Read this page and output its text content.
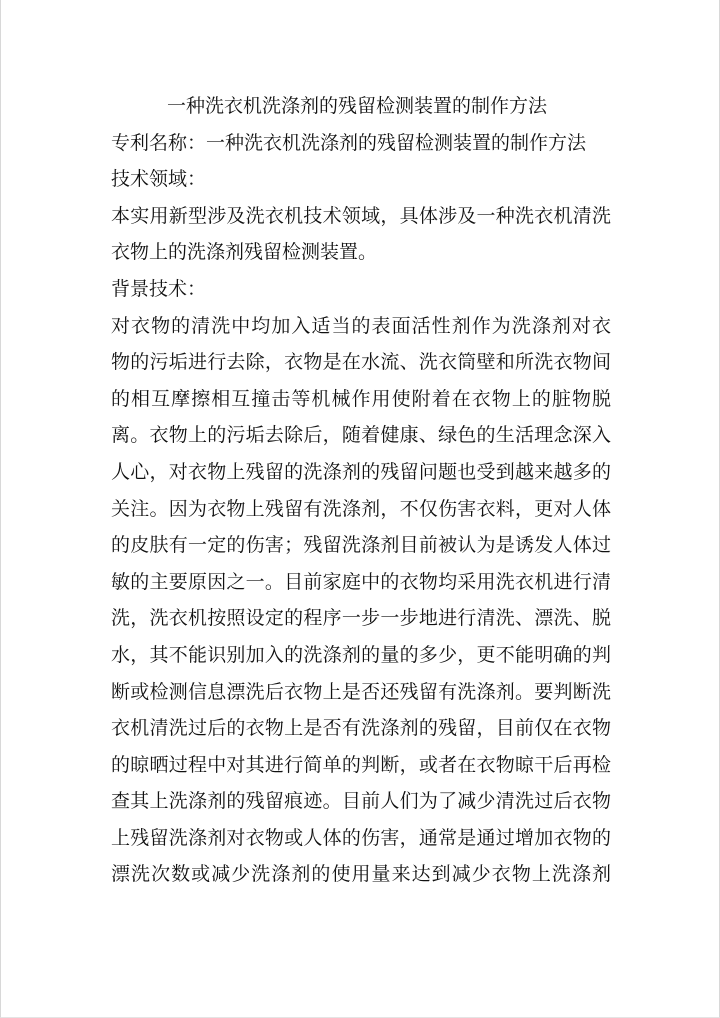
一种洗衣机洗涤剂的残留检测装置的制作方法
专利名称：一种洗衣机洗涤剂的残留检测装置的制作方法
技术领域：
本实用新型涉及洗衣机技术领域，具体涉及一种洗衣机清洗
衣物上的洗涤剂残留检测装置。
背景技术：
对衣物的清洗中均加入适当的表面活性剂作为洗涤剂对衣
物的污垢进行去除，衣物是在水流、洗衣筒壁和所洗衣物间
的相互摩擦相互撞击等机械作用使附着在衣物上的脏物脱
离。衣物上的污垢去除后，随着健康、绿色的生活理念深入
人心，对衣物上残留的洗涤剂的残留问题也受到越来越多的
关注。因为衣物上残留有洗涤剂，不仅伤害衣料，更对人体
的皮肤有一定的伤害；残留洗涤剂目前被认为是诱发人体过
敏的主要原因之一。目前家庭中的衣物均采用洗衣机进行清
洗，洗衣机按照设定的程序一步一步地进行清洗、漂洗、脱
水，其不能识别加入的洗涤剂的量的多少，更不能明确的判
断或检测信息漂洗后衣物上是否还残留有洗涤剂。要判断洗
衣机清洗过后的衣物上是否有洗涤剂的残留，目前仅在衣物
的晾晒过程中对其进行简单的判断，或者在衣物晾干后再检
查其上洗涤剂的残留痕迹。目前人们为了减少清洗过后衣物
上残留洗涤剂对衣物或人体的伤害，通常是通过增加衣物的
漂洗次数或减少洗涤剂的使用量来达到减少衣物上洗涤剂
